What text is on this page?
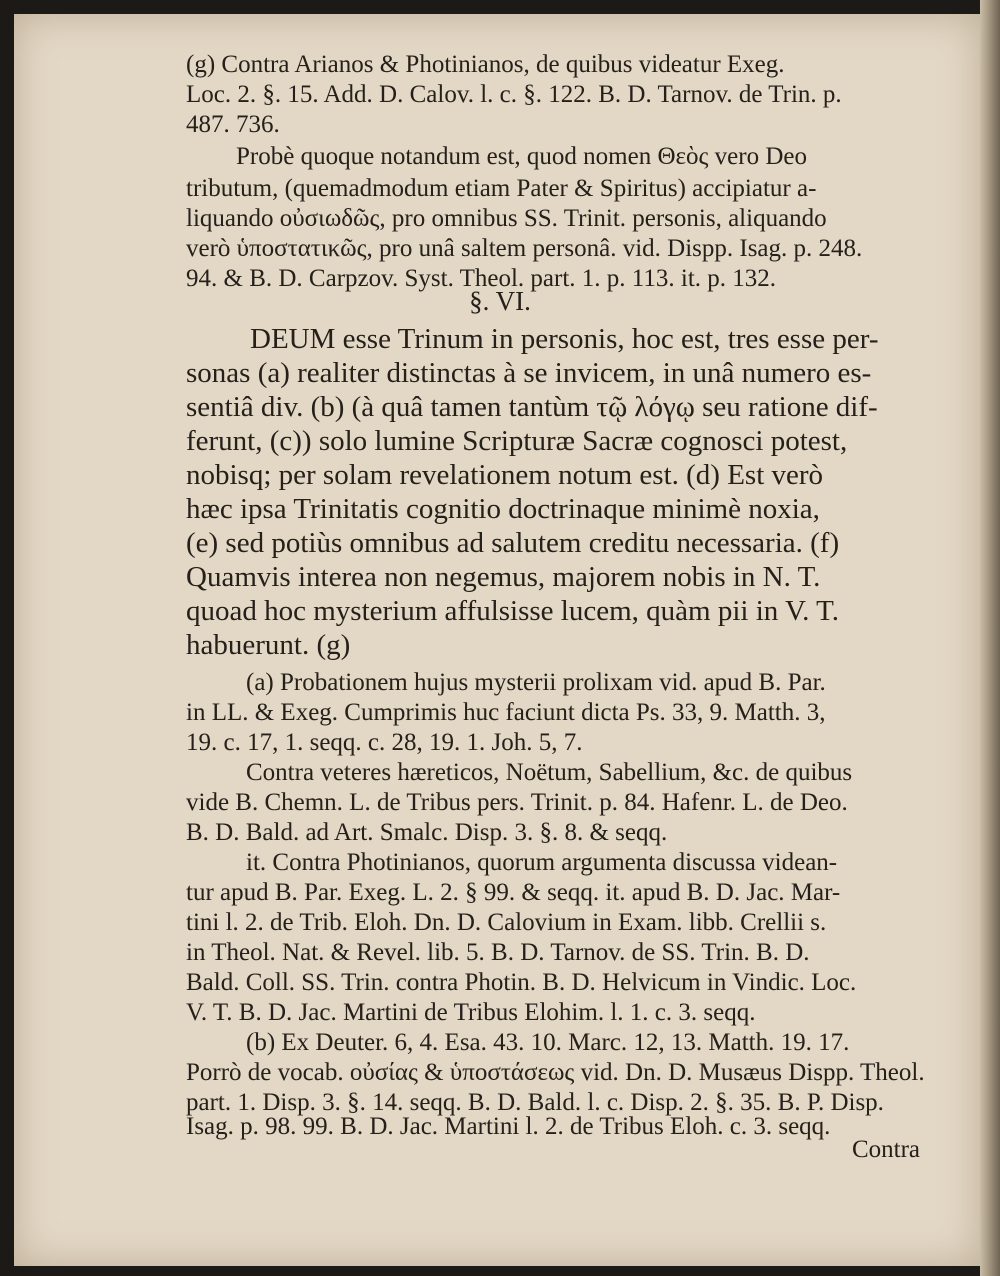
(g) Contra Arianos & Photinianos, de quibus videatur Exeg.
Loc. 2. §. 15. Add. D. Calov. l. c. §. 122. B. D. Tarnov. de Trin. p.
487. 736.
Probè quoque notandum est, quod nomen Θεὸς vero Deo
tributum, (quemadmodum etiam Pater & Spiritus) accipiatur a-
liquando οὐσιωδῶς, pro omnibus SS. Trinit. personis, aliquando
verò ὑποστατικῶς, pro unâ saltem personâ. vid. Dispp. Isag. p. 248.
94. & B. D. Carpzov. Syst. Theol. part. 1. p. 113. it. p. 132.
§. VI.
DEUM esse Trinum in personis, hoc est, tres esse per-
sonas (a) realiter distinctas à se invicem, in unâ numero es-
sentiâ div. (b) (à quâ tamen tantùm τῷ λόγῳ seu ratione dif-
ferunt, (c)) solo lumine Scripturæ Sacræ cognosci potest,
nobisq; per solam revelationem notum est. (d) Est verò
hæc ipsa Trinitatis cognitio doctrinaque minimè noxia,
(e) sed potiùs omnibus ad salutem creditu necessaria. (f)
Quamvis interea non negemus, majorem nobis in N. T.
quoad hoc mysterium affulsisse lucem, quàm pii in V. T.
habuerunt. (g)
(a) Probationem hujus mysterii prolixam vid. apud B. Par.
in LL. & Exeg. Cumprimis huc faciunt dicta Ps. 33, 9. Matth. 3,
19. c. 17, 1. seqq. c. 28, 19. 1. Joh. 5, 7.
Contra veteres hæreticos, Noëtum, Sabellium, &c. de quibus
vide B. Chemn. L. de Tribus pers. Trinit. p. 84. Hafenr. L. de Deo.
B. D. Bald. ad Art. Smalc. Disp. 3. §. 8. & seqq.
it. Contra Photinianos, quorum argumenta discussa videan-
tur apud B. Par. Exeg. L. 2. § 99. & seqq. it. apud B. D. Jac. Mar-
tini l. 2. de Trib. Eloh. Dn. D. Calovium in Exam. libb. Crellii s.
in Theol. Nat. & Revel. lib. 5. B. D. Tarnov. de SS. Trin. B. D.
Bald. Coll. SS. Trin. contra Photin. B. D. Helvicum in Vindic. Loc.
V. T. B. D. Jac. Martini de Tribus Elohim. l. 1. c. 3. seqq.
(b) Ex Deuter. 6, 4. Esa. 43. 10. Marc. 12, 13. Matth. 19. 17.
Porrò de vocab. οὐσίας & ὑποστάσεως vid. Dn. D. Musæus Dispp. Theol.
part. 1. Disp. 3. §. 14. seqq. B. D. Bald. l. c. Disp. 2. §. 35. B. P. Disp.
Isag. p. 98. 99. B. D. Jac. Martini l. 2. de Tribus Eloh. c. 3. seqq.
Contra
